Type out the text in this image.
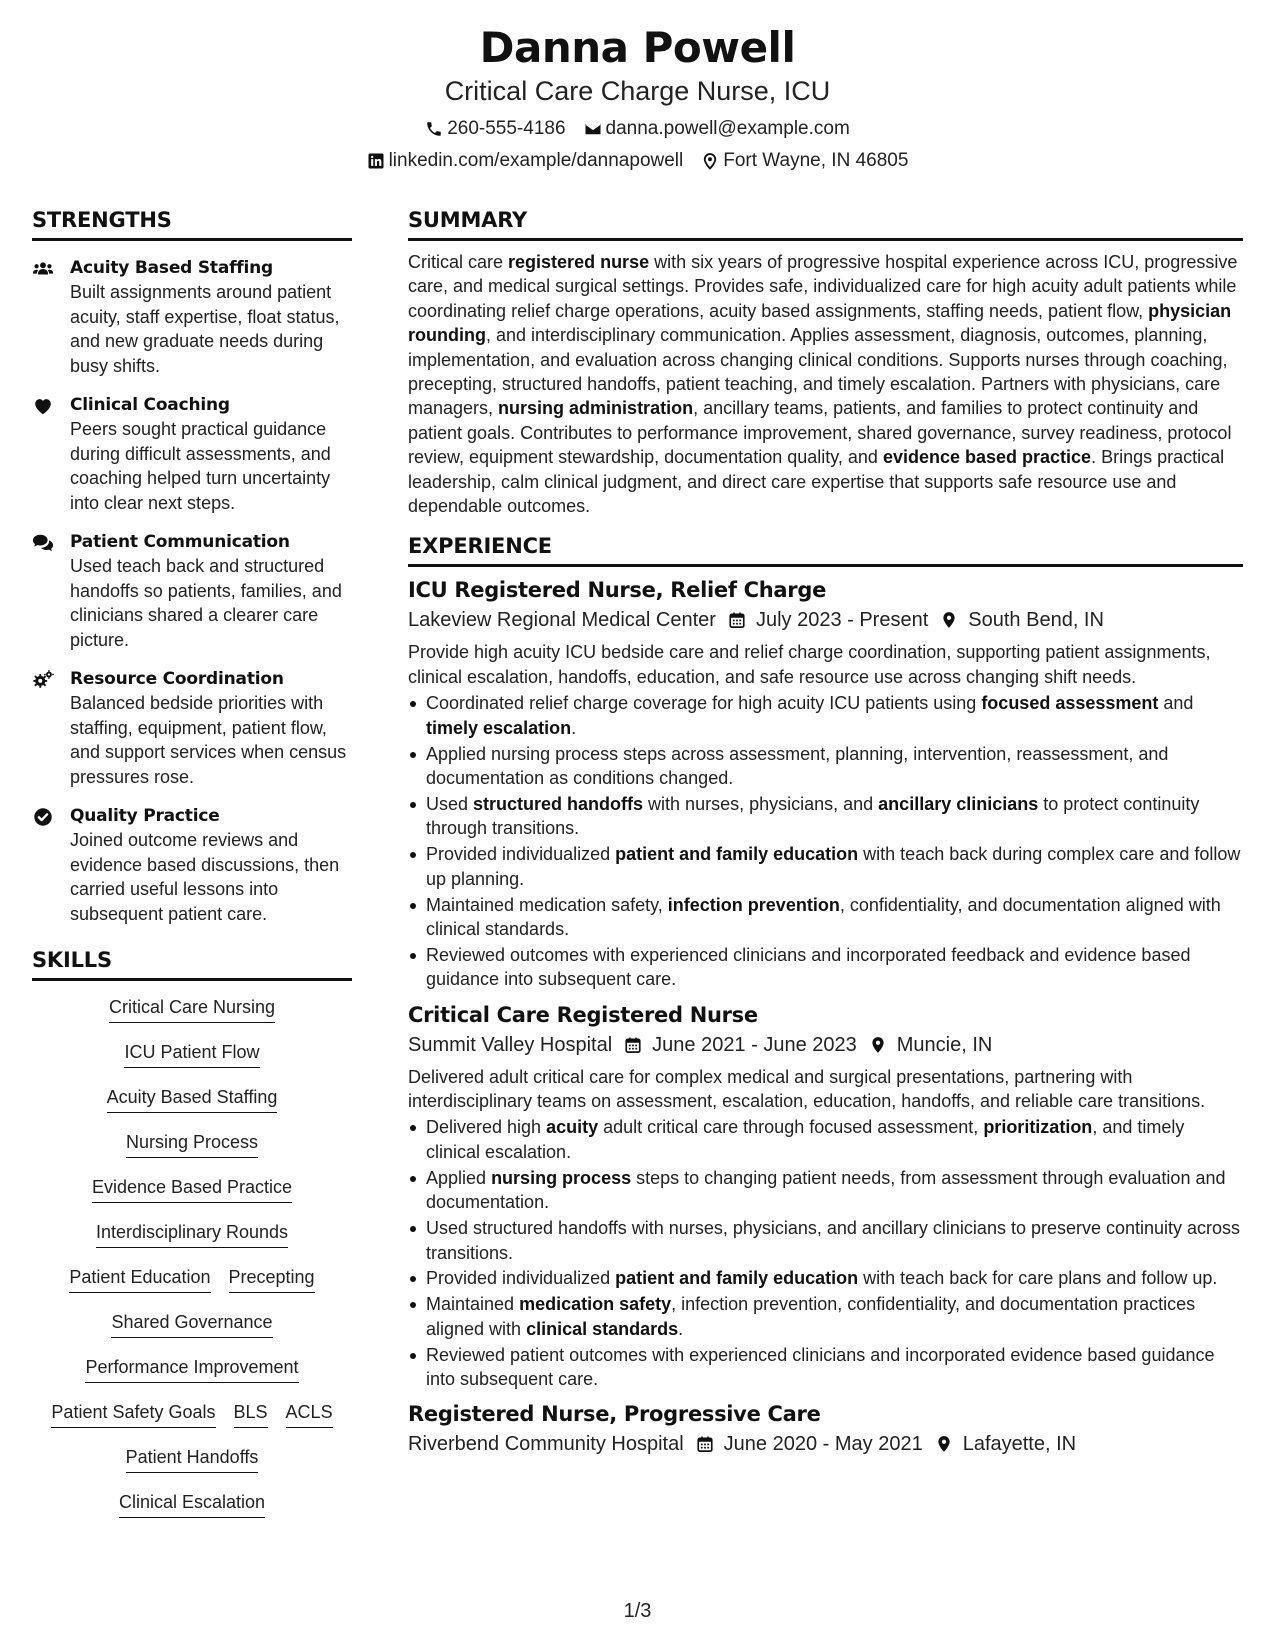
Danna Powell
Critical Care Charge Nurse, ICU
260-555-4186 danna.powell@example.com
linkedin.com/example/dannapowell Fort Wayne, IN 46805
STRENGTHS
Acuity Based Staffing
Built assignments around patient acuity, staff expertise, float status, and new graduate needs during busy shifts.
Clinical Coaching
Peers sought practical guidance during difficult assessments, and coaching helped turn uncertainty into clear next steps.
Patient Communication
Used teach back and structured handoffs so patients, families, and clinicians shared a clearer care picture.
Resource Coordination
Balanced bedside priorities with staffing, equipment, patient flow, and support services when census pressures rose.
Quality Practice
Joined outcome reviews and evidence based discussions, then carried useful lessons into subsequent patient care.
SKILLS
Critical Care Nursing
ICU Patient Flow
Acuity Based Staffing
Nursing Process
Evidence Based Practice
Interdisciplinary Rounds
Patient Education Precepting
Shared Governance
Performance Improvement
Patient Safety Goals BLS ACLS
Patient Handoffs
Clinical Escalation
SUMMARY
Critical care registered nurse with six years of progressive hospital experience across ICU, progressive care, and medical surgical settings. Provides safe, individualized care for high acuity adult patients while coordinating relief charge operations, acuity based assignments, staffing needs, patient flow, physician rounding, and interdisciplinary communication. Applies assessment, diagnosis, outcomes, planning, implementation, and evaluation across changing clinical conditions. Supports nurses through coaching, precepting, structured handoffs, patient teaching, and timely escalation. Partners with physicians, care managers, nursing administration, ancillary teams, patients, and families to protect continuity and patient goals. Contributes to performance improvement, shared governance, survey readiness, protocol review, equipment stewardship, documentation quality, and evidence based practice. Brings practical leadership, calm clinical judgment, and direct care expertise that supports safe resource use and dependable outcomes.
EXPERIENCE
ICU Registered Nurse, Relief Charge
Lakeview Regional Medical Center July 2023 - Present South Bend, IN
Provide high acuity ICU bedside care and relief charge coordination, supporting patient assignments, clinical escalation, handoffs, education, and safe resource use across changing shift needs.
Coordinated relief charge coverage for high acuity ICU patients using focused assessment and timely escalation.
Applied nursing process steps across assessment, planning, intervention, reassessment, and documentation as conditions changed.
Used structured handoffs with nurses, physicians, and ancillary clinicians to protect continuity through transitions.
Provided individualized patient and family education with teach back during complex care and follow up planning.
Maintained medication safety, infection prevention, confidentiality, and documentation aligned with clinical standards.
Reviewed outcomes with experienced clinicians and incorporated feedback and evidence based guidance into subsequent care.
Critical Care Registered Nurse
Summit Valley Hospital June 2021 - June 2023 Muncie, IN
Delivered adult critical care for complex medical and surgical presentations, partnering with interdisciplinary teams on assessment, escalation, education, handoffs, and reliable care transitions.
Delivered high acuity adult critical care through focused assessment, prioritization, and timely clinical escalation.
Applied nursing process steps to changing patient needs, from assessment through evaluation and documentation.
Used structured handoffs with nurses, physicians, and ancillary clinicians to preserve continuity across transitions.
Provided individualized patient and family education with teach back for care plans and follow up.
Maintained medication safety, infection prevention, confidentiality, and documentation practices aligned with clinical standards.
Reviewed patient outcomes with experienced clinicians and incorporated evidence based guidance into subsequent care.
Registered Nurse, Progressive Care
Riverbend Community Hospital June 2020 - May 2021 Lafayette, IN
1/3
